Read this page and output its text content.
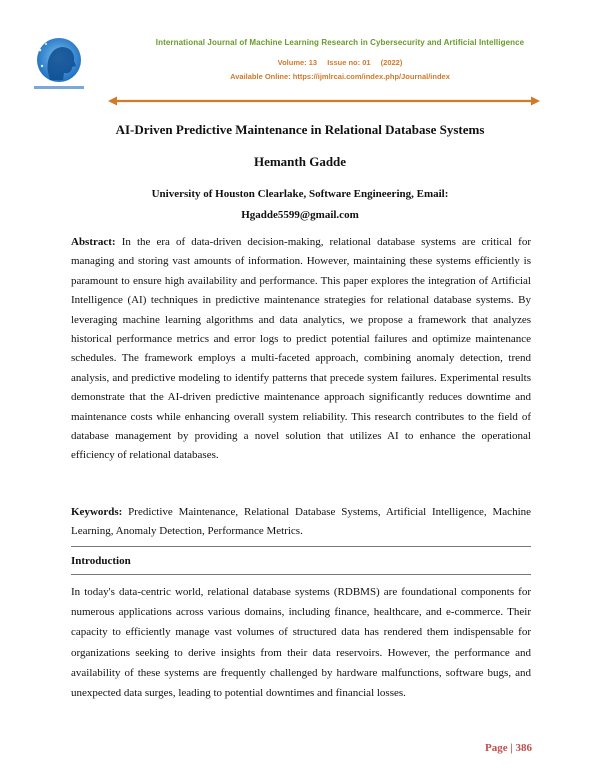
International Journal of Machine Learning Research in Cybersecurity and Artificial Intelligence
Volume: 13 Issue no: 01 (2022)
Available Online: https://ijmlrcai.com/index.php/Journal/index
AI-Driven Predictive Maintenance in Relational Database Systems
Hemanth Gadde
University of Houston Clearlake, Software Engineering, Email:
Hgadde5599@gmail.com

Abstract: In the era of data-driven decision-making, relational database systems are critical for managing and storing vast amounts of information. However, maintaining these systems efficiently is paramount to ensure high availability and performance. This paper explores the integration of Artificial Intelligence (AI) techniques in predictive maintenance strategies for relational database systems. By leveraging machine learning algorithms and data analytics, we propose a framework that analyzes historical performance metrics and error logs to predict potential failures and optimize maintenance schedules. The framework employs a multi-faceted approach, combining anomaly detection, trend analysis, and predictive modeling to identify patterns that precede system failures. Experimental results demonstrate that the AI-driven predictive maintenance approach significantly reduces downtime and maintenance costs while enhancing overall system reliability. This research contributes to the field of database management by providing a novel solution that utilizes AI to enhance the operational efficiency of relational databases.

Keywords: Predictive Maintenance, Relational Database Systems, Artificial Intelligence, Machine Learning, Anomaly Detection, Performance Metrics.

Introduction

In today's data-centric world, relational database systems (RDBMS) are foundational components for numerous applications across various domains, including finance, healthcare, and e-commerce. Their capacity to efficiently manage vast volumes of structured data has rendered them indispensable for organizations seeking to derive insights from their data reservoirs. However, the performance and availability of these systems are frequently challenged by hardware malfunctions, software bugs, and unexpected data surges, leading to potential downtimes and financial losses.

Page | 386
